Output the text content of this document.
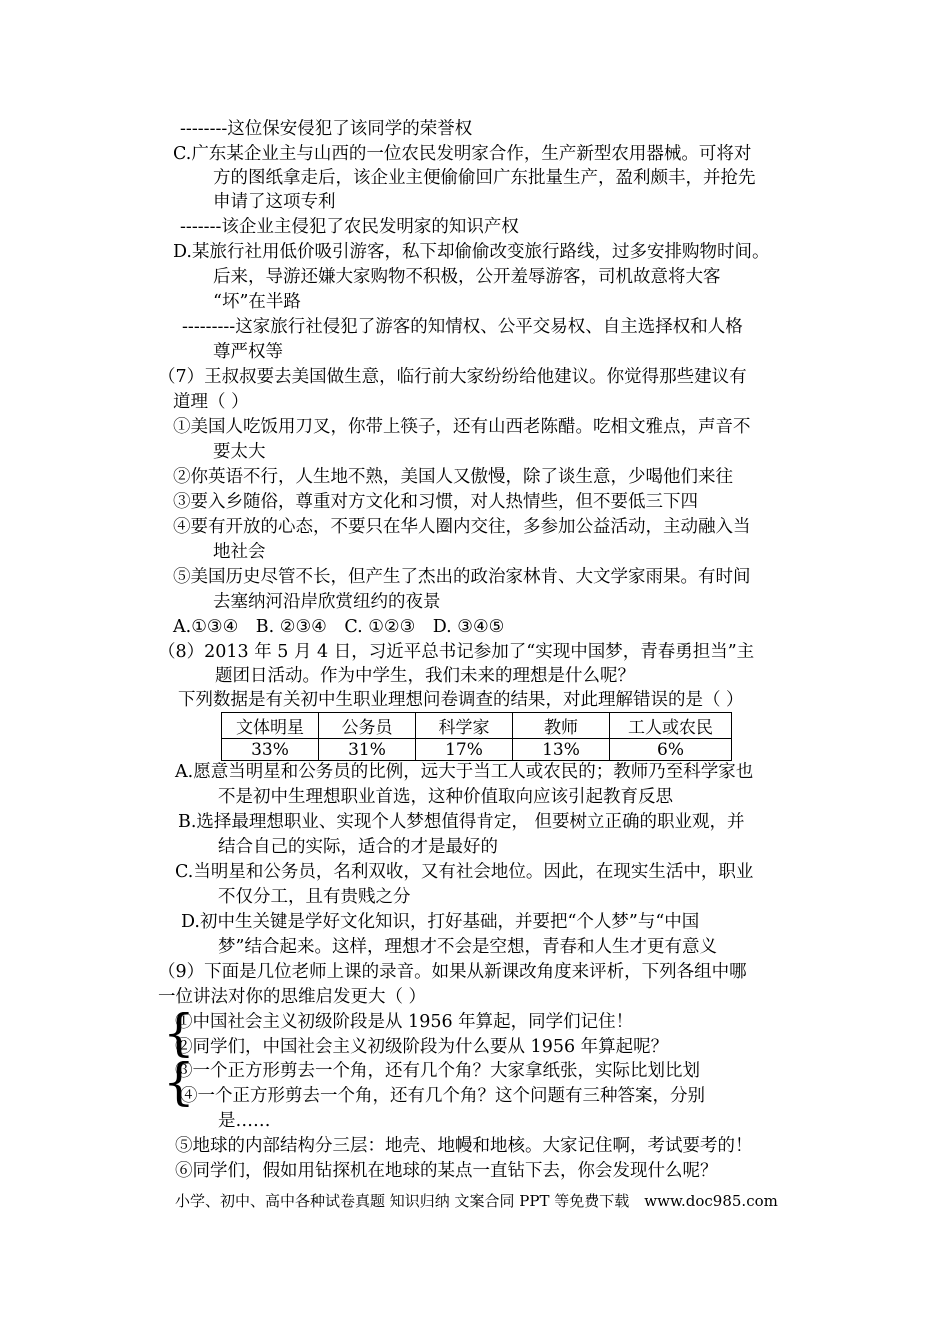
--------这位保安侵犯了该同学的荣誉权
C.广东某企业主与山西的一位农民发明家合作，生产新型农用器械。可将对
方的图纸拿走后，该企业主便偷偷回广东批量生产，盈利颇丰，并抢先
申请了这项专利
-------该企业主侵犯了农民发明家的知识产权
D.某旅行社用低价吸引游客，私下却偷偷改变旅行路线，过多安排购物时间。
后来，导游还嫌大家购物不积极，公开羞辱游客，司机故意将大客
“坏”在半路
---------这家旅行社侵犯了游客的知情权、公平交易权、自主选择权和人格
尊严权等
（7）王叔叔要去美国做生意，临行前大家纷纷给他建议。你觉得那些建议有
道理（ ）
①美国人吃饭用刀叉，你带上筷子，还有山西老陈醋。吃相文雅点，声音不
要太大
②你英语不行，人生地不熟，美国人又傲慢，除了谈生意，少喝他们来往
③要入乡随俗，尊重对方文化和习惯，对人热情些，但不要低三下四
④要有开放的心态，不要只在华人圈内交往，多参加公益活动，主动融入当
地社会
⑤美国历史尽管不长，但产生了杰出的政治家林肯、大文学家雨果。有时间
去塞纳河沿岸欣赏纽约的夜景
A.①③④　B. ②③④　C. ①②③　D. ③④⑤
（8）2013 年 5 月 4 日，习近平总书记参加了“实现中国梦，青春勇担当”主
题团日活动。作为中学生，我们未来的理想是什么呢？
下列数据是有关初中生职业理想问卷调查的结果，对此理解错误的是（ ）
文体明星	公务员	科学家	教师	工人或农民
33%	31%	17%	13%	6%
A.愿意当明星和公务员的比例，远大于当工人或农民的；教师乃至科学家也
不是初中生理想职业首选，这种价值取向应该引起教育反思
B.选择最理想职业、实现个人梦想值得肯定， 但要树立正确的职业观，并
结合自己的实际，适合的才是最好的
C.当明星和公务员，名利双收，又有社会地位。因此，在现实生活中，职业
不仅分工，且有贵贱之分
D.初中生关键是学好文化知识，打好基础，并要把“个人梦”与“中国
梦”结合起来。这样，理想才不会是空想，青春和人生才更有意义
（9）下面是几位老师上课的录音。如果从新课改角度来评析，下列各组中哪
一位讲法对你的思维启发更大（ ）
{
①中国社会主义初级阶段是从 1956 年算起，同学们记住！
②同学们，中国社会主义初级阶段为什么要从 1956 年算起呢？
{
③一个正方形剪去一个角，还有几个角？大家拿纸张，实际比划比划
④一个正方形剪去一个角，还有几个角？这个问题有三种答案，分别
是……
⑤地球的内部结构分三层：地壳、地幔和地核。大家记住啊，考试要考的！
⑥同学们，假如用钻探机在地球的某点一直钻下去，你会发现什么呢？
小学、初中、高中各种试卷真题 知识归纳 文案合同 PPT 等免费下载　www.doc985.com
